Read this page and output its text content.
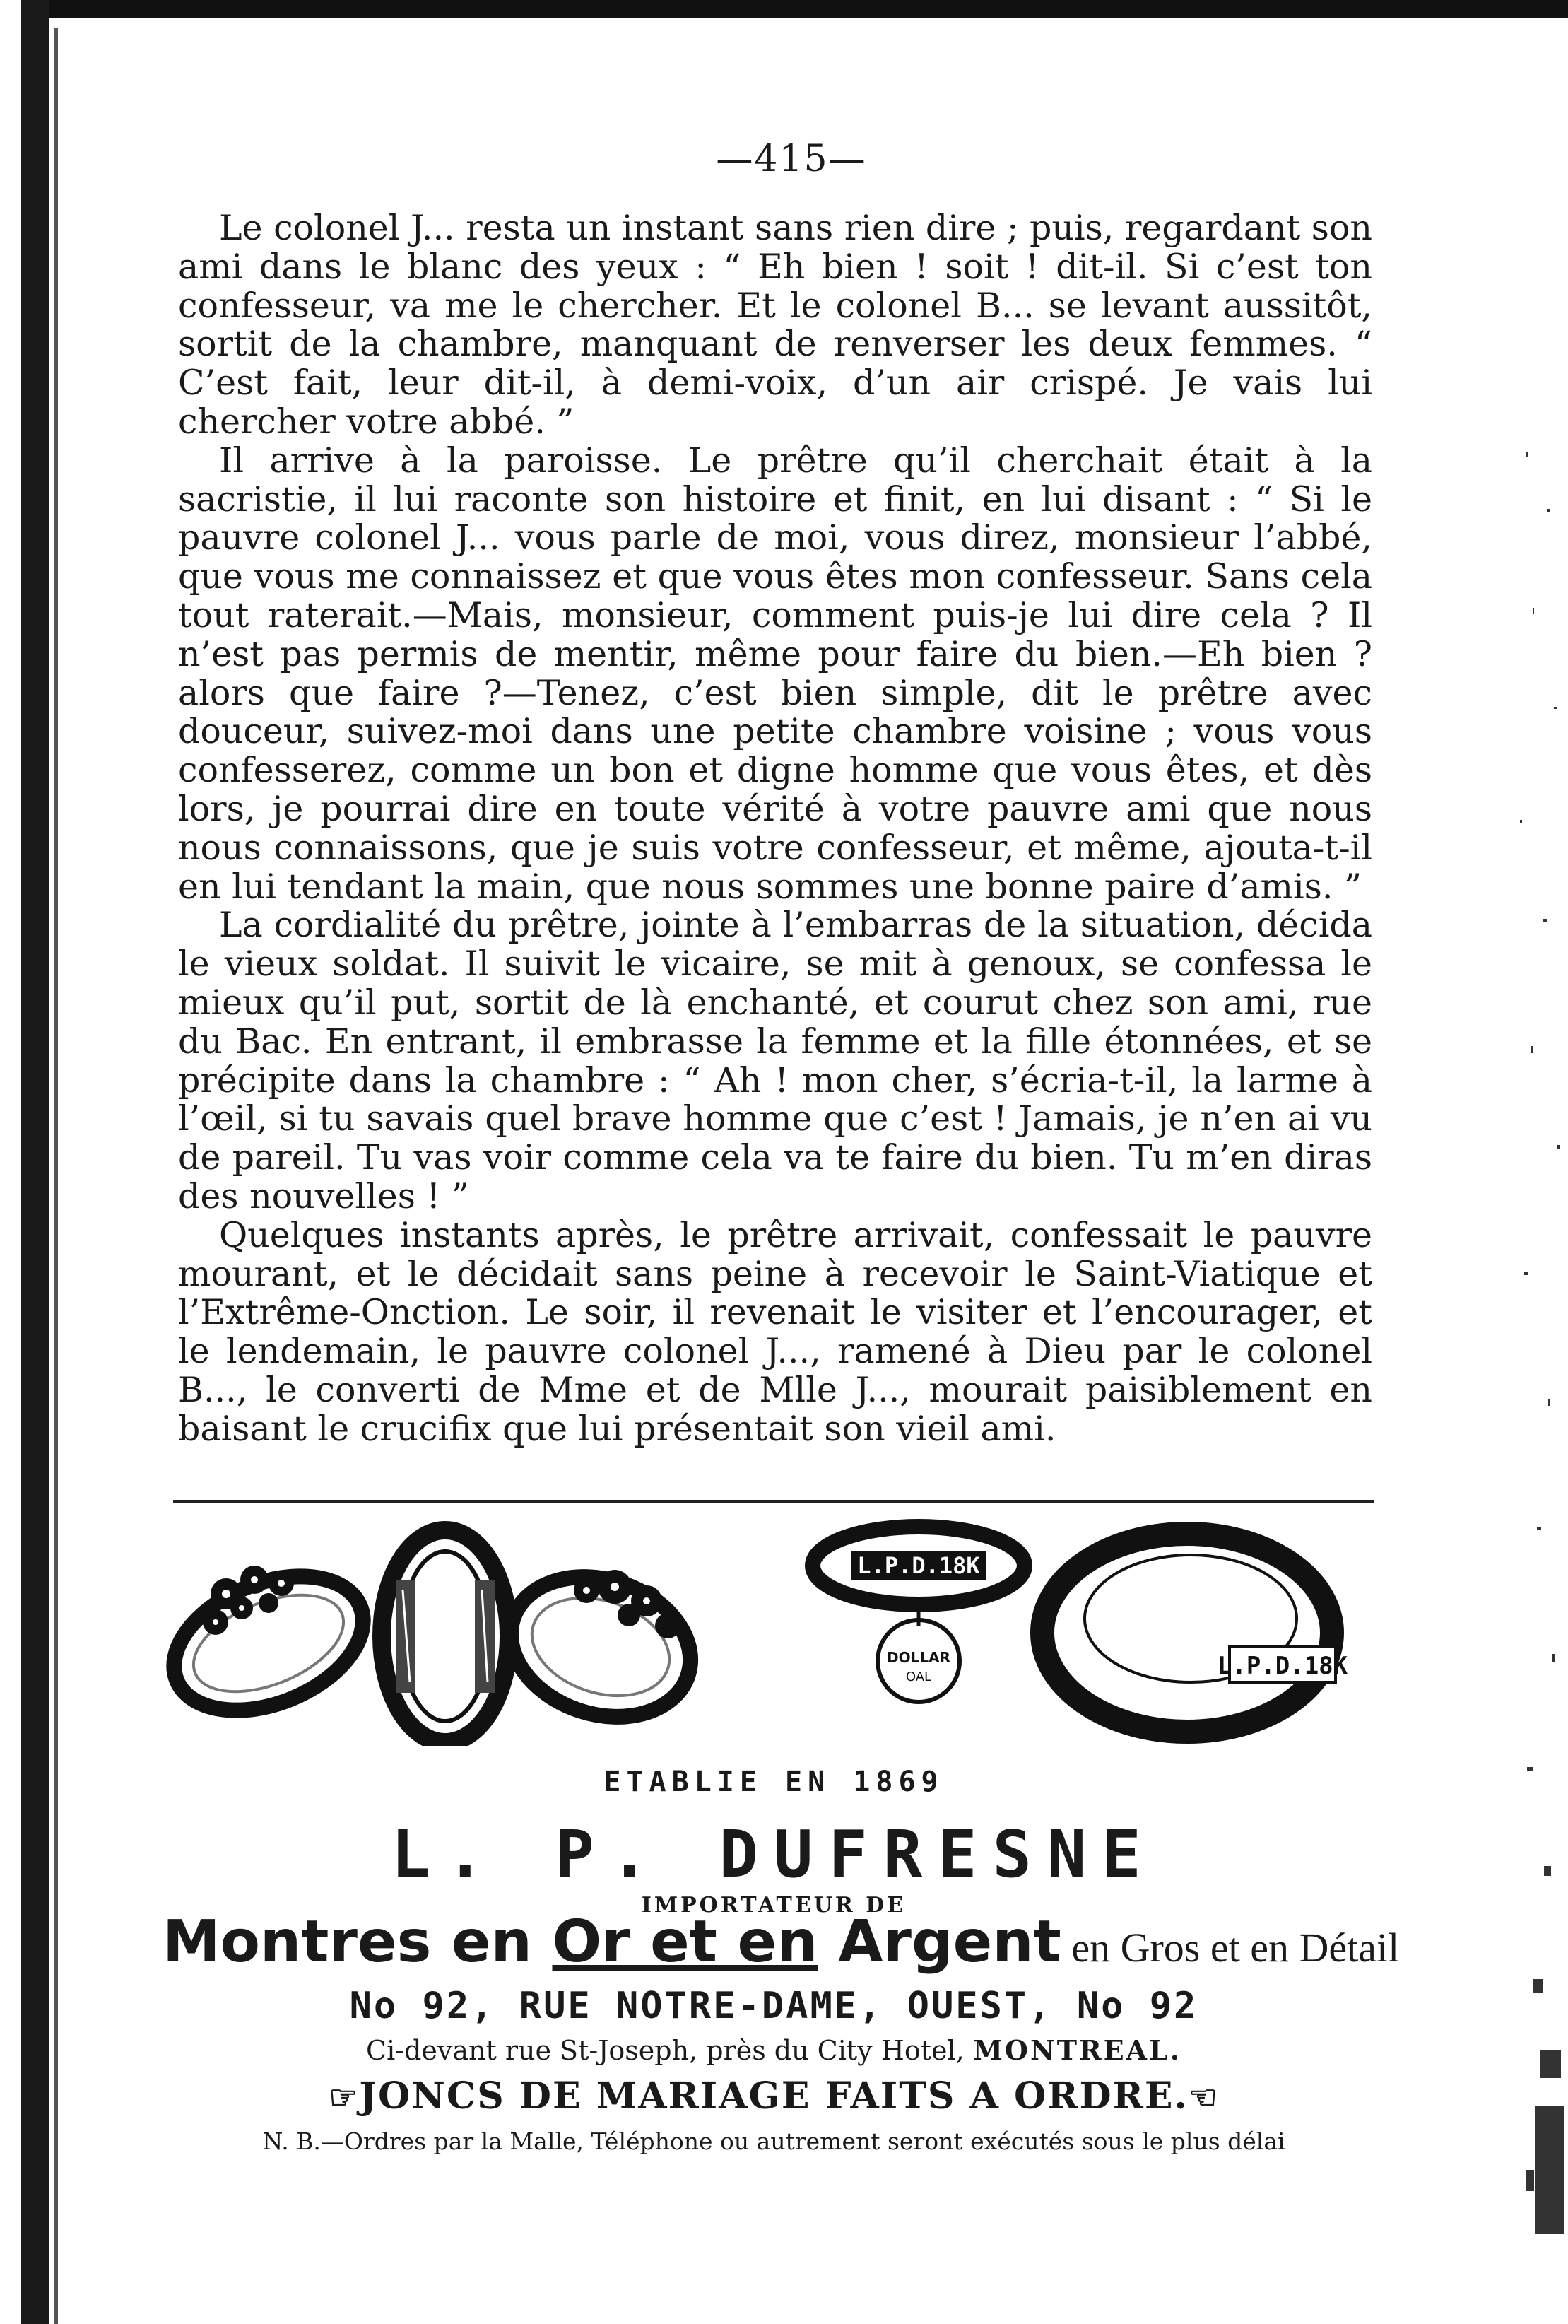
—415—

Le colonel J... resta un instant sans rien dire ; puis, regardant son ami dans le blanc des yeux : “ Eh bien ! soit ! dit-il. Si c’est ton confesseur, va me le chercher. Et le colonel B... se levant aussitôt, sortit de la chambre, manquant de renverser les deux femmes. “ C’est fait, leur dit-il, à demi-voix, d’un air crispé. Je vais lui chercher votre abbé. ”

Il arrive à la paroisse. Le prêtre qu’il cherchait était à la sacristie, il lui raconte son histoire et finit, en lui disant : “ Si le pauvre colonel J... vous parle de moi, vous direz, monsieur l’abbé, que vous me connaissez et que vous êtes mon confesseur. Sans cela tout raterait.—Mais, monsieur, comment puis-je lui dire cela ? Il n’est pas permis de mentir, même pour faire du bien.—Eh bien ? alors que faire ?—Tenez, c’est bien simple, dit le prêtre avec douceur, suivez-moi dans une petite chambre voisine ; vous vous confesserez, comme un bon et digne homme que vous êtes, et dès lors, je pourrai dire en toute vérité à votre pauvre ami que nous nous connaissons, que je suis votre confesseur, et même, ajouta-t-il en lui tendant la main, que nous sommes une bonne paire d’amis. ”

La cordialité du prêtre, jointe à l’embarras de la situation, décida le vieux soldat. Il suivit le vicaire, se mit à genoux, se confessa le mieux qu’il put, sortit de là enchanté, et courut chez son ami, rue du Bac. En entrant, il embrasse la femme et la fille étonnées, et se précipite dans la chambre : “ Ah ! mon cher, s’écria-t-il, la larme à l’œil, si tu savais quel brave homme que c’est ! Jamais, je n’en ai vu de pareil. Tu vas voir comme cela va te faire du bien. Tu m’en diras des nouvelles ! ”

Quelques instants après, le prêtre arrivait, confessait le pauvre mourant, et le décidait sans peine à recevoir le Saint-Viatique et l’Extrême-Onction. Le soir, il revenait le visiter et l’encourager, et le lendemain, le pauvre colonel J..., ramené à Dieu par le colonel B..., le converti de Mme et de Mlle J..., mourait paisiblement en baisant le crucifix que lui présentait son vieil ami.

L.P.D.18K
DOLLAR
OAL	L.P.D.18K
ETABLIE EN 1869
L. P. DUFRESNE
IMPORTATEUR DE
Montres en Or et en Argent en Gros et en Détail
No 92, RUE NOTRE-DAME, OUEST, No 92
Ci-devant rue St-Joseph, près du City Hotel, MONTREAL.
☞JONCS DE MARIAGE FAITS A ORDRE.☜
N. B.—Ordres par la Malle, Téléphone ou autrement seront exécutés sous le plus délai
